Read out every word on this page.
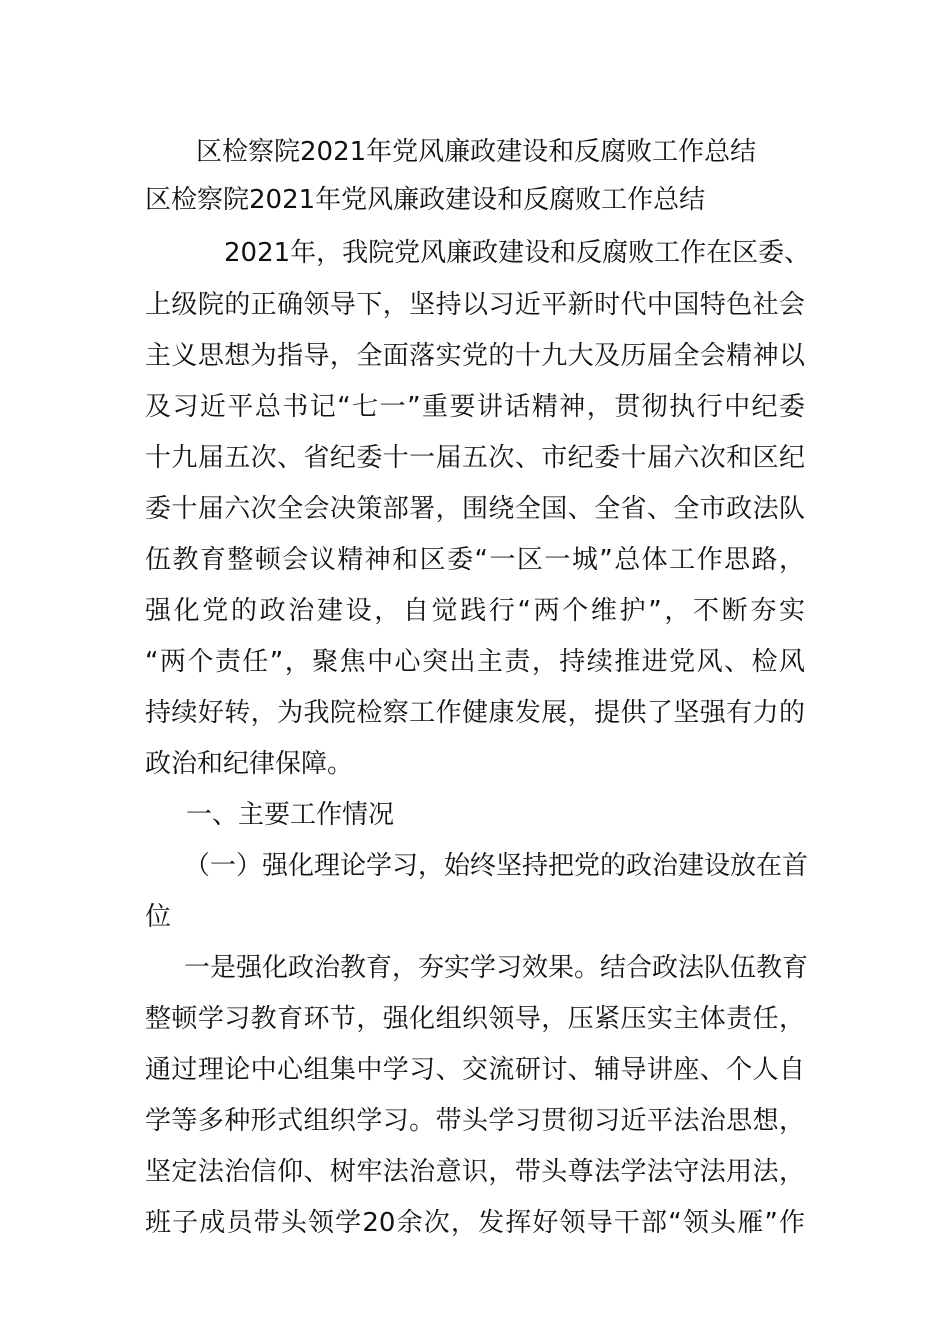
区检察院2021年党风廉政建设和反腐败工作总结
区检察院2021年党风廉政建设和反腐败工作总结
2021年，我院党风廉政建设和反腐败工作在区委、
上级院的正确领导下，坚持以习近平新时代中国特色社会
主义思想为指导，全面落实党的十九大及历届全会精神以
及习近平总书记“七一”重要讲话精神，贯彻执行中纪委
十九届五次、省纪委十一届五次、市纪委十届六次和区纪
委十届六次全会决策部署，围绕全国、全省、全市政法队
伍教育整顿会议精神和区委“一区一城”总体工作思路，
强化党的政治建设，自觉践行“两个维护”，不断夯实
“两个责任”，聚焦中心突出主责，持续推进党风、检风
持续好转，为我院检察工作健康发展，提供了坚强有力的
政治和纪律保障。
一、主要工作情况
（一）强化理论学习，始终坚持把党的政治建设放在首
位
一是强化政治教育，夯实学习效果。结合政法队伍教育
整顿学习教育环节，强化组织领导，压紧压实主体责任，
通过理论中心组集中学习、交流研讨、辅导讲座、个人自
学等多种形式组织学习。带头学习贯彻习近平法治思想，
坚定法治信仰、树牢法治意识，带头尊法学法守法用法，
班子成员带头领学20余次，发挥好领导干部“领头雁”作
